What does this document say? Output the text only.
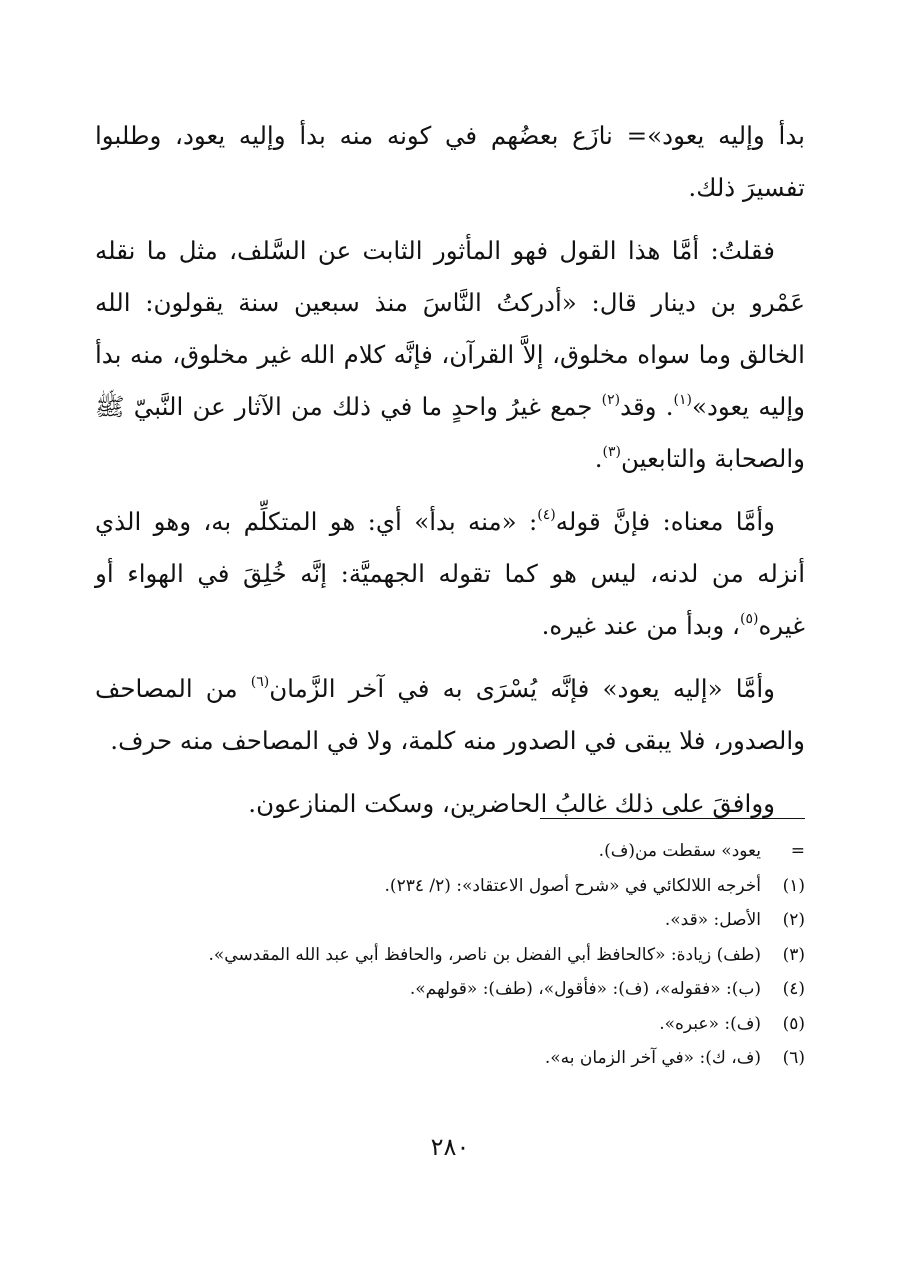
بدأ وإليه يعود»= نازَع بعضُهم في كونه منه بدأ وإليه يعود، وطلبوا تفسيرَ ذلك.

فقلتُ: أمَّا هذا القول فهو المأثور الثابت عن السَّلف، مثل ما نقله عَمْرو بن دينار قال: «أدركتُ النَّاسَ منذ سبعين سنة يقولون: الله الخالق وما سواه مخلوق، إلاَّ القرآن، فإنَّه كلام الله غير مخلوق، منه بدأ وإليه يعود»$^{(١)}$. وقد$^{(٢)}$ جمع غيرُ واحدٍ ما في ذلك من الآثار عن النَّبيّ ﷺ والصحابة والتابعين$^{(٣)}$.

وأمَّا معناه: فإنَّ قوله$^{(٤)}$: «منه بدأ» أي: هو المتكلِّم به، وهو الذي أنزله من لدنه، ليس هو كما تقوله الجهميَّة: إنَّه خُلِقَ في الهواء أو غيره$^{(٥)}$، وبدأ من عند غيره.

وأمَّا «إليه يعود» فإنَّه يُسْرَى به في آخر الزَّمان$^{(٦)}$ من المصاحف والصدور، فلا يبقى في الصدور منه كلمة، ولا في المصاحف منه حرف.

ووافقَ على ذلك غالبُ الحاضرين، وسكت المنازعون.

=
يعود» سقطت من(ف).
(١)
أخرجه اللالكائي في «شرح أصول الاعتقاد»: (٢/ ٢٣٤).
(٢)
الأصل: «قد».
(٣)
(طف) زيادة: «كالحافظ أبي الفضل بن ناصر، والحافظ أبي عبد الله المقدسي».
(٤)
(ب): «فقوله»، (ف): «فأقول»، (طف): «قولهم».
(٥)
(ف): «عبره».
(٦)
(ف، ك): «في آخر الزمان به».
٢٨٠
